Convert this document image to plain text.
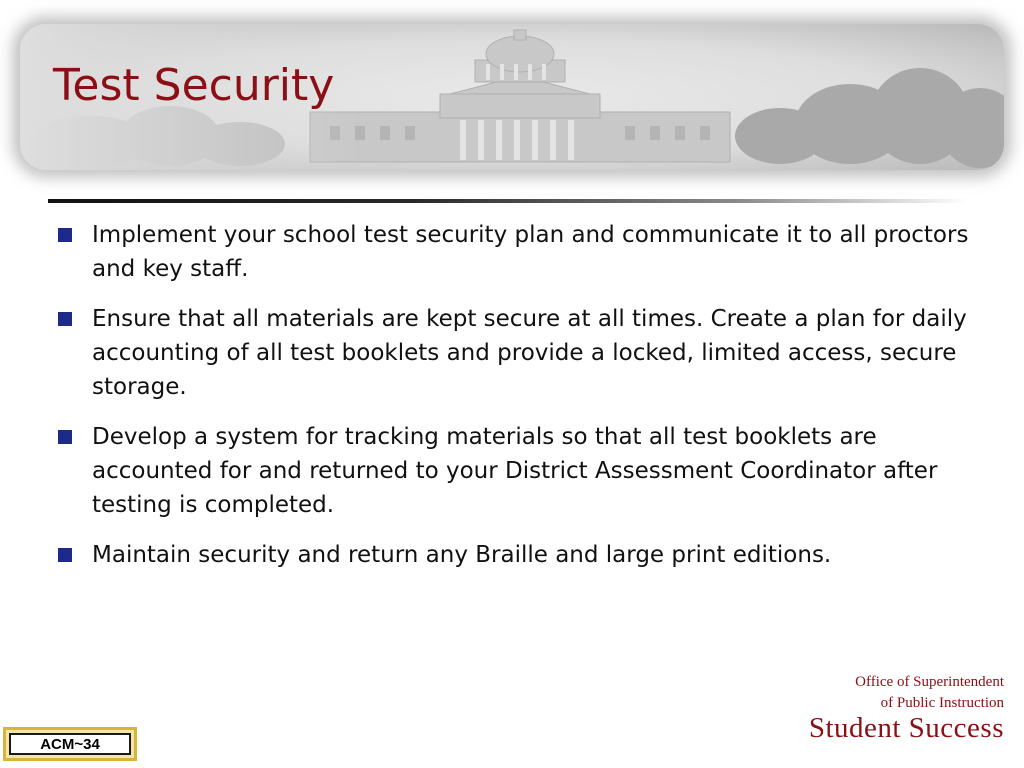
Test Security
Implement your school test security plan and communicate it to all proctors and key staff.
Ensure that all materials are kept secure at all times. Create a plan for daily accounting of all test booklets and provide a locked, limited access, secure storage.
Develop a system for tracking materials so that all test booklets are accounted for and returned to your District Assessment Coordinator after testing is completed.
Maintain security and return any Braille and large print editions.
Office of Superintendent
of Public Instruction
Student Success
ACM~34
